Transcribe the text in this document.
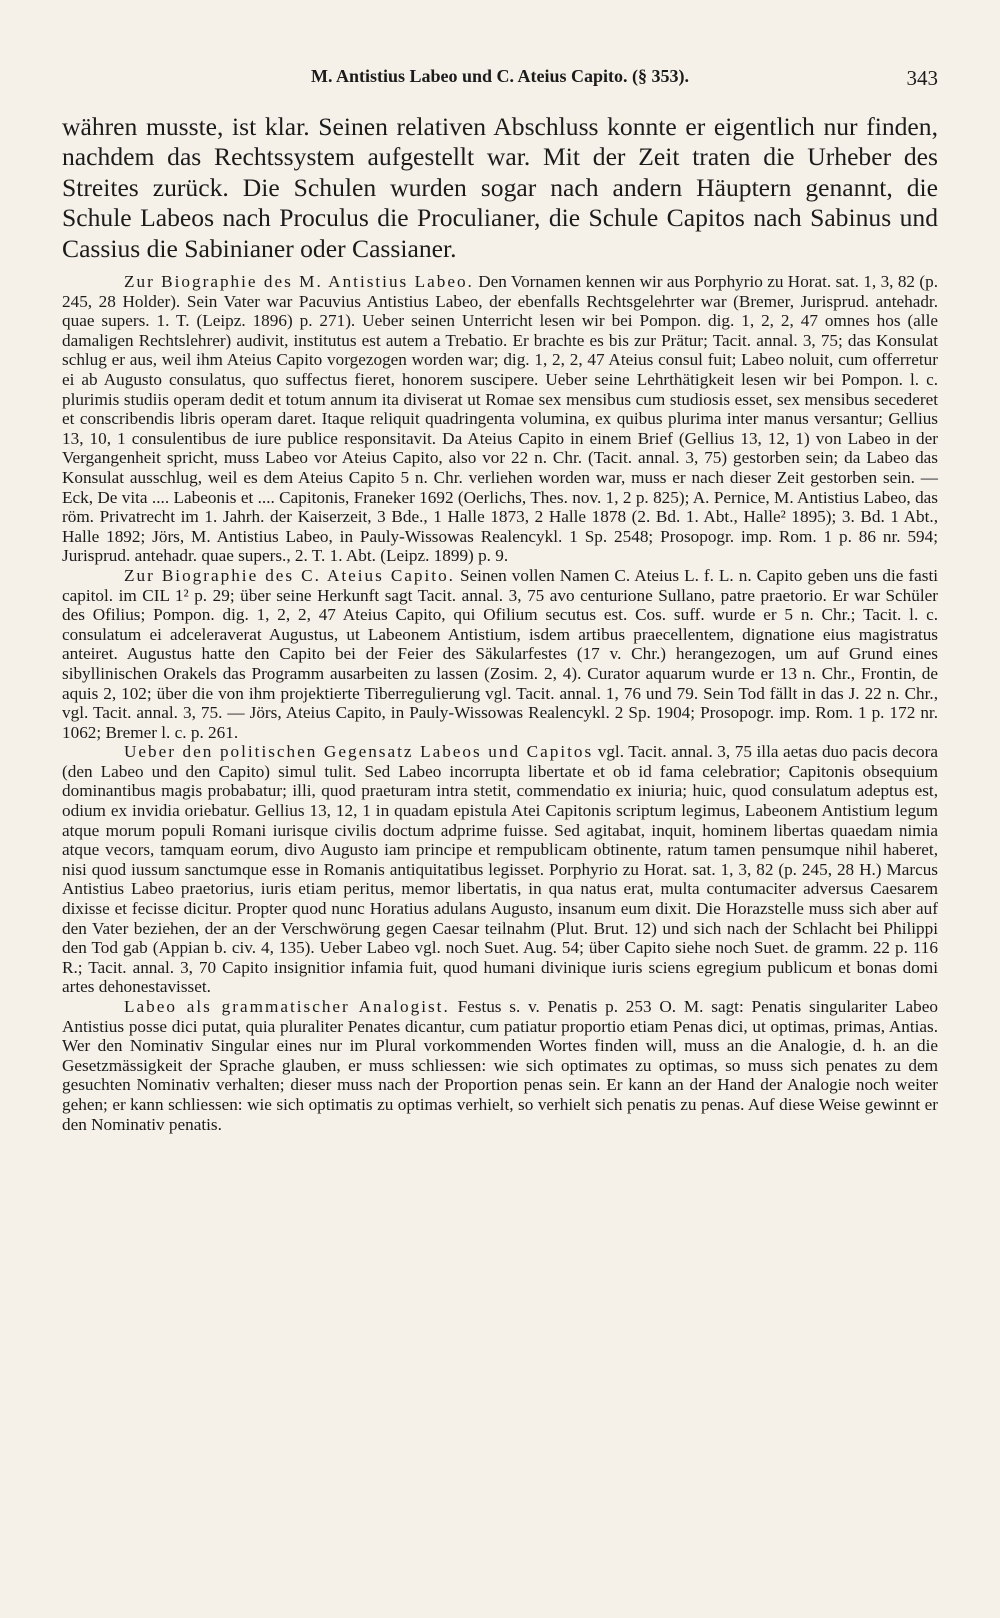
M. Antistius Labeo und C. Ateius Capito. (§ 353).	343

währen musste, ist klar. Seinen relativen Abschluss konnte er eigentlich nur finden, nachdem das Rechtssystem aufgestellt war. Mit der Zeit traten die Urheber des Streites zurück. Die Schulen wurden sogar nach andern Häuptern genannt, die Schule Labeos nach Proculus die Proculianer, die Schule Capitos nach Sabinus und Cassius die Sabinianer oder Cassianer.

Zur Biographie des M. Antistius Labeo. Den Vornamen kennen wir aus Porphyrio zu Horat. sat. 1, 3, 82 (p. 245, 28 Holder). Sein Vater war Pacuvius Antistius Labeo, der ebenfalls Rechtsgelehrter war (Bremer, Jurisprud. antehadr. quae supers. 1. T. (Leipz. 1896) p. 271). Ueber seinen Unterricht lesen wir bei Pompon. dig. 1, 2, 2, 47 omnes hos (alle damaligen Rechtslehrer) audivit, institutus est autem a Trebatio. Er brachte es bis zur Prätur; Tacit. annal. 3, 75; das Konsulat schlug er aus, weil ihm Ateius Capito vorgezogen worden war; dig. 1, 2, 2, 47 Ateius consul fuit; Labeo noluit, cum offerretur ei ab Augusto consulatus, quo suffectus fieret, honorem suscipere. Ueber seine Lehrthätigkeit lesen wir bei Pompon. l. c. plurimis studiis operam dedit et totum annum ita diviserat ut Romae sex mensibus cum studiosis esset, sex mensibus secederet et conscribendis libris operam daret. Itaque reliquit quadringenta volumina, ex quibus plurima inter manus versantur; Gellius 13, 10, 1 consulentibus de iure publice responsitavit. Da Ateius Capito in einem Brief (Gellius 13, 12, 1) von Labeo in der Vergangenheit spricht, muss Labeo vor Ateius Capito, also vor 22 n. Chr. (Tacit. annal. 3, 75) gestorben sein; da Labeo das Konsulat ausschlug, weil es dem Ateius Capito 5 n. Chr. verliehen worden war, muss er nach dieser Zeit gestorben sein. — Eck, De vita .... Labeonis et .... Capitonis, Franeker 1692 (Oerlichs, Thes. nov. 1, 2 p. 825); A. Pernice, M. Antistius Labeo, das röm. Privatrecht im 1. Jahrh. der Kaiserzeit, 3 Bde., 1 Halle 1873, 2 Halle 1878 (2. Bd. 1. Abt., Halle² 1895); 3. Bd. 1 Abt., Halle 1892; Jörs, M. Antistius Labeo, in Pauly-Wissowas Realencykl. 1 Sp. 2548; Prosopogr. imp. Rom. 1 p. 86 nr. 594; Jurisprud. antehadr. quae supers., 2. T. 1. Abt. (Leipz. 1899) p. 9.

Zur Biographie des C. Ateius Capito. Seinen vollen Namen C. Ateius L. f. L. n. Capito geben uns die fasti capitol. im CIL 1² p. 29; über seine Herkunft sagt Tacit. annal. 3, 75 avo centurione Sullano, patre praetorio. Er war Schüler des Ofilius; Pompon. dig. 1, 2, 2, 47 Ateius Capito, qui Ofilium secutus est. Cos. suff. wurde er 5 n. Chr.; Tacit. l. c. consulatum ei adceleraverat Augustus, ut Labeonem Antistium, isdem artibus praecellentem, dignatione eius magistratus anteiret. Augustus hatte den Capito bei der Feier des Säkularfestes (17 v. Chr.) herangezogen, um auf Grund eines sibyllinischen Orakels das Programm ausarbeiten zu lassen (Zosim. 2, 4). Curator aquarum wurde er 13 n. Chr., Frontin, de aquis 2, 102; über die von ihm projektierte Tiberregulierung vgl. Tacit. annal. 1, 76 und 79. Sein Tod fällt in das J. 22 n. Chr., vgl. Tacit. annal. 3, 75. — Jörs, Ateius Capito, in Pauly-Wissowas Realencykl. 2 Sp. 1904; Prosopogr. imp. Rom. 1 p. 172 nr. 1062; Bremer l. c. p. 261.

Ueber den politischen Gegensatz Labeos und Capitos vgl. Tacit. annal. 3, 75 illa aetas duo pacis decora (den Labeo und den Capito) simul tulit. Sed Labeo incorrupta libertate et ob id fama celebratior; Capitonis obsequium dominantibus magis probabatur; illi, quod praeturam intra stetit, commendatio ex iniuria; huic, quod consulatum adeptus est, odium ex invidia oriebatur. Gellius 13, 12, 1 in quadam epistula Atei Capitonis scriptum legimus, Labeonem Antistium legum atque morum populi Romani iurisque civilis doctum adprime fuisse. Sed agitabat, inquit, hominem libertas quaedam nimia atque vecors, tamquam eorum, divo Augusto iam principe et rempublicam obtinente, ratum tamen pensumque nihil haberet, nisi quod iussum sanctumque esse in Romanis antiquitatibus legisset. Porphyrio zu Horat. sat. 1, 3, 82 (p. 245, 28 H.) Marcus Antistius Labeo praetorius, iuris etiam peritus, memor libertatis, in qua natus erat, multa contumaciter adversus Caesarem dixisse et fecisse dicitur. Propter quod nunc Horatius adulans Augusto, insanum eum dixit. Die Horazstelle muss sich aber auf den Vater beziehen, der an der Verschwörung gegen Caesar teilnahm (Plut. Brut. 12) und sich nach der Schlacht bei Philippi den Tod gab (Appian b. civ. 4, 135). Ueber Labeo vgl. noch Suet. Aug. 54; über Capito siehe noch Suet. de gramm. 22 p. 116 R.; Tacit. annal. 3, 70 Capito insignitior infamia fuit, quod humani divinique iuris sciens egregium publicum et bonas domi artes dehonestavisset.

Labeo als grammatischer Analogist. Festus s. v. Penatis p. 253 O. M. sagt: Penatis singulariter Labeo Antistius posse dici putat, quia pluraliter Penates dicantur, cum patiatur proportio etiam Penas dici, ut optimas, primas, Antias. Wer den Nominativ Singular eines nur im Plural vorkommenden Wortes finden will, muss an die Analogie, d. h. an die Gesetzmässigkeit der Sprache glauben, er muss schliessen: wie sich optimates zu optimas, so muss sich penates zu dem gesuchten Nominativ verhalten; dieser muss nach der Proportion penas sein. Er kann an der Hand der Analogie noch weiter gehen; er kann schliessen: wie sich optimatis zu optimas verhielt, so verhielt sich penatis zu penas. Auf diese Weise gewinnt er den Nominativ penatis.
